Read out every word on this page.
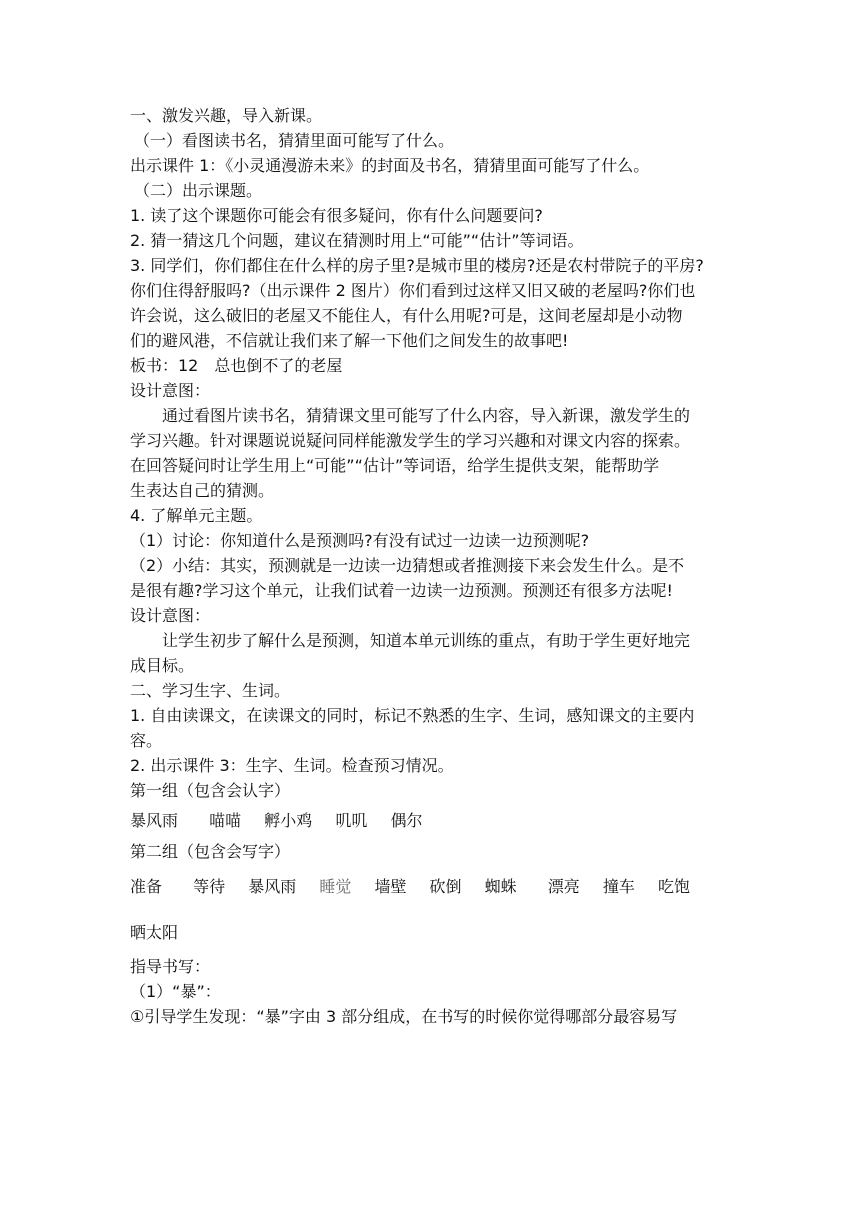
一、激发兴趣，导入新课。
（一）看图读书名，猜猜里面可能写了什么。
出示课件 1：《小灵通漫游未来》的封面及书名，猜猜里面可能写了什么。
（二）出示课题。
1. 读了这个课题你可能会有很多疑问，你有什么问题要问?
2. 猜一猜这几个问题，建议在猜测时用上“可能”“估计”等词语。
3. 同学们，你们都住在什么样的房子里?是城市里的楼房?还是农村带院子的平房?
你们住得舒服吗?（出示课件 2 图片）你们看到过这样又旧又破的老屋吗?你们也
许会说，这么破旧的老屋又不能住人，有什么用呢?可是，这间老屋却是小动物
们的避风港，不信就让我们来了解一下他们之间发生的故事吧!
板书：12　总也倒不了的老屋
设计意图：
　　通过看图片读书名，猜猜课文里可能写了什么内容，导入新课，激发学生的
学习兴趣。针对课题说说疑问同样能激发学生的学习兴趣和对课文内容的探索。
在回答疑问时让学生用上“可能”“估计”等词语，给学生提供支架，能帮助学
生表达自己的猜测。
4. 了解单元主题。
（1）讨论：你知道什么是预测吗?有没有试过一边读一边预测呢?
（2）小结：其实，预测就是一边读一边猜想或者推测接下来会发生什么。是不
是很有趣?学习这个单元，让我们试着一边读一边预测。预测还有很多方法呢!
设计意图：
　　让学生初步了解什么是预测，知道本单元训练的重点，有助于学生更好地完
成目标。
二、学习生字、生词。
1. 自由读课文，在读课文的同时，标记不熟悉的生字、生词，感知课文的主要内
容。
2. 出示课件 3：生字、生词。检查预习情况。
第一组（包含会认字）
暴风雨 喵喵 孵小鸡 叽叽 偶尔
第二组（包含会写字）
准备 等待 暴风雨 睡觉 墙壁 砍倒 蜘蛛 漂亮 撞车 吃饱
晒太阳
指导书写：
（1）“暴”：
①引导学生发现：“暴”字由 3 部分组成，在书写的时候你觉得哪部分最容易写
